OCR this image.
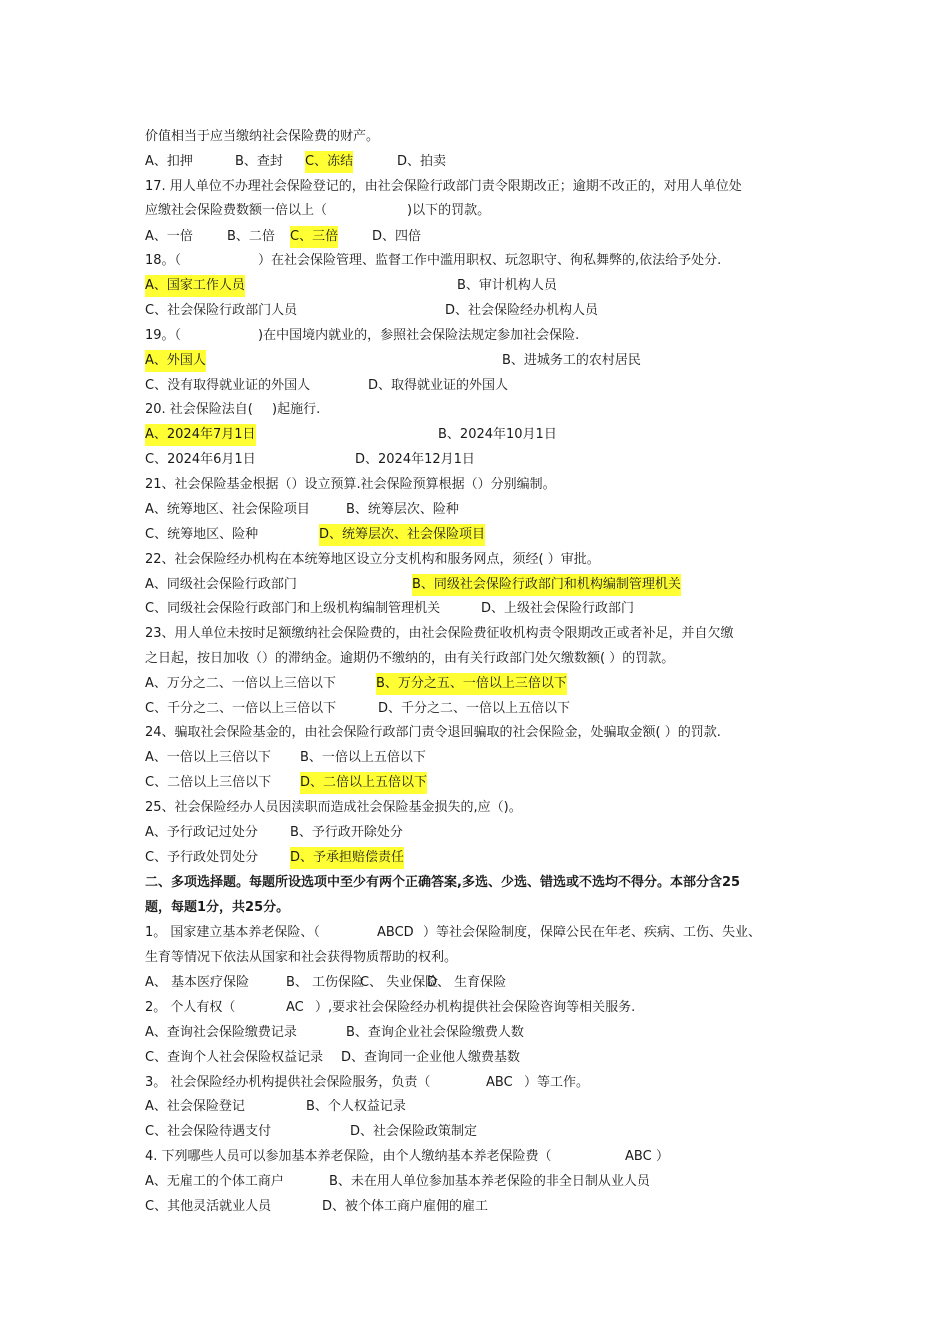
价值相当于应当缴纳社会保险费的财产。
A、扣押	B、查封 C、冻结	D、拍卖
17. 用人单位不办理社会保险登记的，由社会保险行政部门责令限期改正；逾期不改正的，对用人单位处
应缴社会保险费数额一倍以上（	)以下的罚款。
A、一倍	B、二倍 C、三倍	D、四倍
18。（	）在社会保险管理、监督工作中滥用职权、玩忽职守、徇私舞弊的,依法给予处分.
A、国家工作人员	B、审计机构人员
C、社会保险行政部门人员	D、社会保险经办机构人员
19。（	)在中国境内就业的，参照社会保险法规定参加社会保险.
A、外国人	B、进城务工的农村居民
C、没有取得就业证的外国人	D、取得就业证的外国人
20. 社会保险法自( )起施行.
A、2024年7月1日	B、2024年10月1日
C、2024年6月1日	D、2024年12月1日
21、社会保险基金根据（）设立预算.社会保险预算根据（）分别编制。
A、统筹地区、社会保险项目	B、统筹层次、险种
C、统筹地区、险种	D、统筹层次、社会保险项目
22、社会保险经办机构在本统筹地区设立分支机构和服务网点，须经( ）审批。
A、同级社会保险行政部门	B、同级社会保险行政部门和机构编制管理机关
C、同级社会保险行政部门和上级机构编制管理机关	D、上级社会保险行政部门
23、用人单位未按时足额缴纳社会保险费的，由社会保险费征收机构责令限期改正或者补足，并自欠缴
之日起，按日加收（）的滞纳金。逾期仍不缴纳的，由有关行政部门处欠缴数额( ）的罚款。
A、万分之二、一倍以上三倍以下	B、万分之五、一倍以上三倍以下
C、千分之二、一倍以上三倍以下	D、千分之二、一倍以上五倍以下
24、骗取社会保险基金的，由社会保险行政部门责令退回骗取的社会保险金，处骗取金额( ）的罚款.
A、一倍以上三倍以下 B、一倍以上五倍以下
C、二倍以上三倍以下 D、二倍以上五倍以下
25、社会保险经办人员因渎职而造成社会保险基金损失的,应（)。
A、予行政记过处分 B、予行政开除处分
C、予行政处罚处分 D、予承担赔偿责任
二、多项选择题。每题所设选项中至少有两个正确答案,多选、少选、错选或不选均不得分。本部分含25
题，每题1分，共25分。
1。 国家建立基本养老保险、（	ABCD ）等社会保险制度，保障公民在年老、疾病、工伤、失业、
生育等情况下依法从国家和社会获得物质帮助的权利。
A、 基本医疗保险	B、 工伤保险
C、 失业保险
D、 生育保险
2。 个人有权（	AC ）,要求社会保险经办机构提供社会保险咨询等相关服务.
A、查询社会保险缴费记录	B、查询企业社会保险缴费人数
C、查询个人社会保险权益记录 D、查询同一企业他人缴费基数
3。 社会保险经办机构提供社会保险服务，负责（	ABC ）等工作。
A、社会保险登记	B、个人权益记录
C、社会保险待遇支付	D、社会保险政策制定
4. 下列哪些人员可以参加基本养老保险，由个人缴纳基本养老保险费（	ABC ）
A、无雇工的个体工商户	B、未在用人单位参加基本养老保险的非全日制从业人员
C、其他灵活就业人员	D、被个体工商户雇佣的雇工
